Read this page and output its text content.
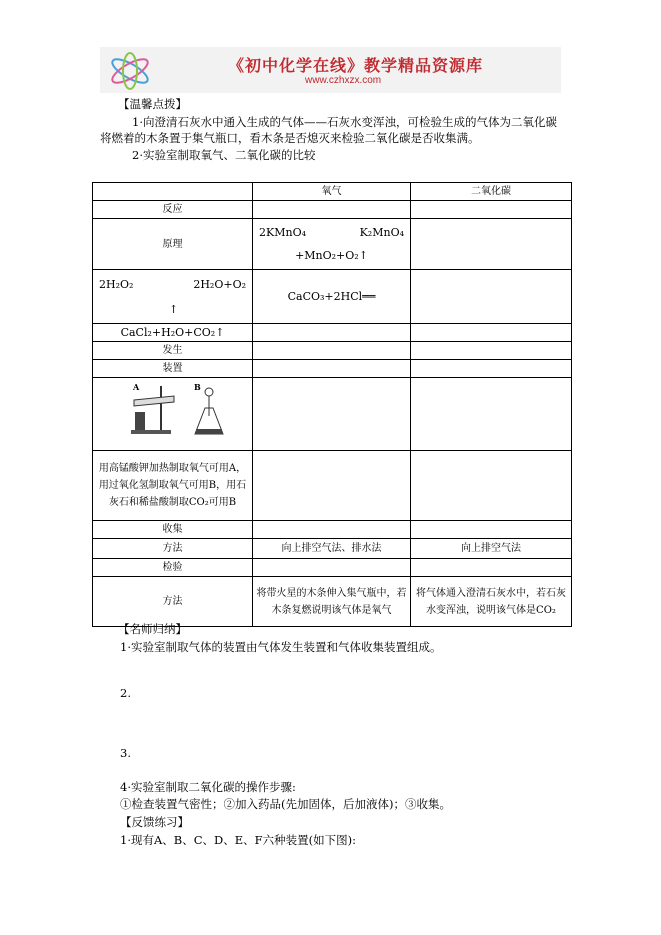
《初中化学在线》教学精品资源库
www.czhxzx.com
【温馨点拨】
1·向澄清石灰水中通入生成的气体——石灰水变浑浊，可检验生成的气体为二氧化碳
将燃着的木条置于集气瓶口，看木条是否熄灭来检验二氧化碳是否收集满。
2·实验室制取氧气、二氧化碳的比较
	氧气	二氧化碳
反应		
原理	2KMnO₄ K₂MnO₄
+MnO₂+O₂↑	

2H₂O₂ 2H₂O+O₂
↑	CaCO₃+2HCl══	
CaCl₂+H₂O+CO₂↑		
发生		
装置		

A B		

用高锰酸钾加热制取氧气可用A，用过氧化氢制取氧气可用B，用石灰石和稀盐酸制取CO₂可用B		
收集		
方法	向上排空气法、排水法	向上排空气法
检验		
方法	将带火星的木条伸入集气瓶中，若木条复燃说明该气体是氧气	将气体通入澄清石灰水中，若石灰水变浑浊，说明该气体是CO₂
【名师归纳】
1·实验室制取气体的装置由气体发生装置和气体收集装置组成。
2.
3.
4·实验室制取二氧化碳的操作步骤:
①检查装置气密性；②加入药品(先加固体，后加液体)；③收集。
【反馈练习】
1·现有A、B、C、D、E、F六种装置(如下图):
